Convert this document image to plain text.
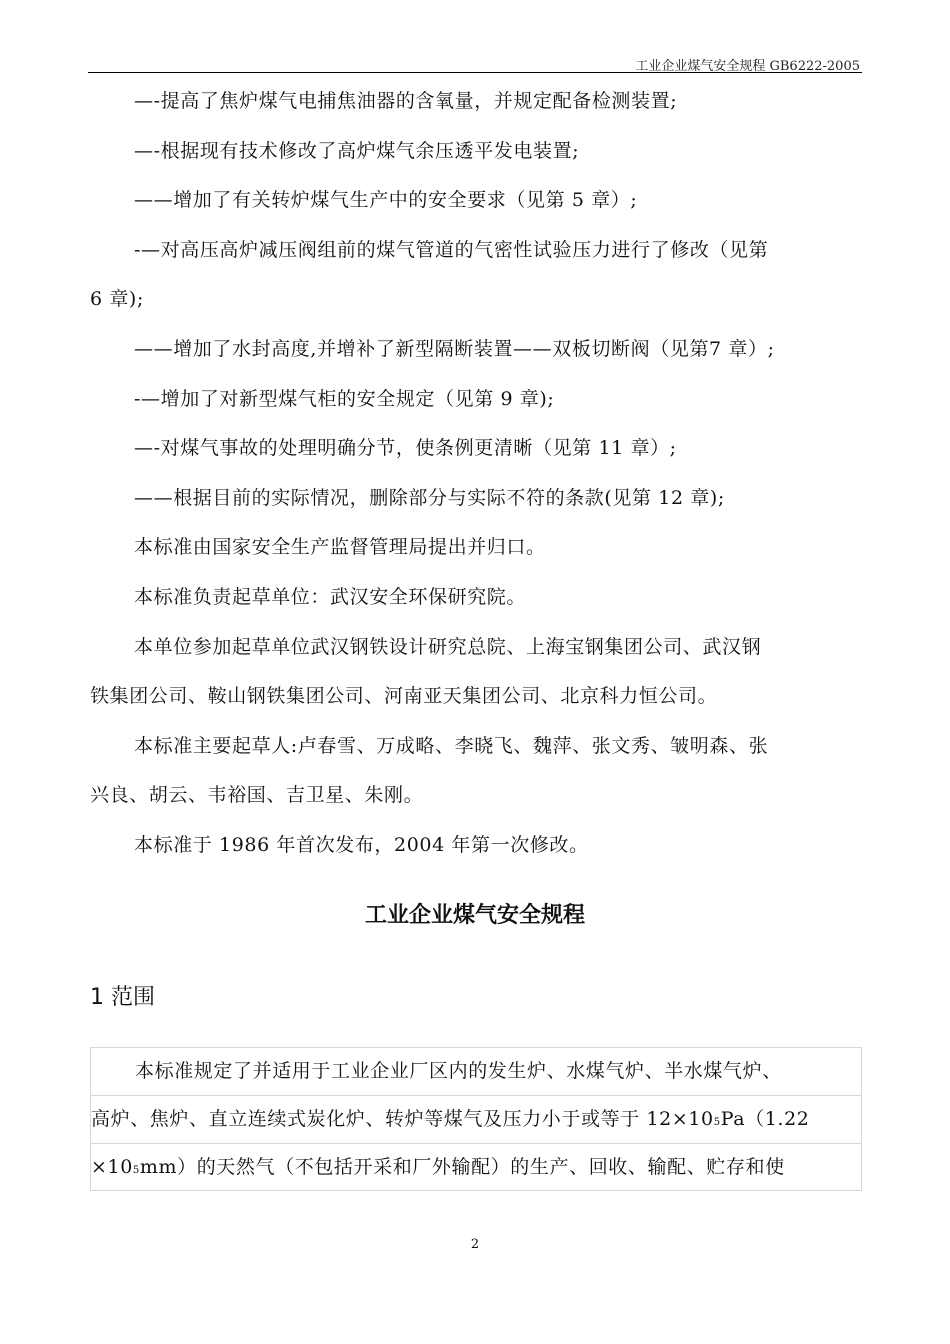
工业企业煤气安全规程 GB6222-2005

—-提高了焦炉煤气电捕焦油器的含氧量，并规定配备检测装置;

—-根据现有技术修改了高炉煤气余压透平发电装置;

——增加了有关转炉煤气生产中的安全要求（见第 5 章）;

-—对高压高炉减压阀组前的煤气管道的气密性试验压力进行了修改（见第

6 章);

——增加了水封高度,并增补了新型隔断装置——双板切断阀（见第7 章）;

-—增加了对新型煤气柜的安全规定（见第 9 章);

—-对煤气事故的处理明确分节，使条例更清晰（见第 11 章）;

——根据目前的实际情况，删除部分与实际不符的条款(见第 12 章);

本标准由国家安全生产监督管理局提出并归口。

本标准负责起草单位：武汉安全环保研究院。

本单位参加起草单位武汉钢铁设计研究总院、上海宝钢集团公司、武汉钢

铁集团公司、鞍山钢铁集团公司、河南亚天集团公司、北京科力恒公司。

本标准主要起草人:卢春雪、万成略、李晓飞、魏萍、张文秀、皱明森、张

兴良、胡云、韦裕国、吉卫星、朱刚。

本标准于 1986 年首次发布，2004 年第一次修改。

工业企业煤气安全规程
1 范围
本标准规定了并适用于工业企业厂区内的发生炉、水煤气炉、半水煤气炉、
高炉、焦炉、直立连续式炭化炉、转炉等煤气及压力小于或等于 12×105Pa（1.22
×105mm）的天然气（不包括开采和厂外输配）的生产、回收、输配、贮存和使
2
